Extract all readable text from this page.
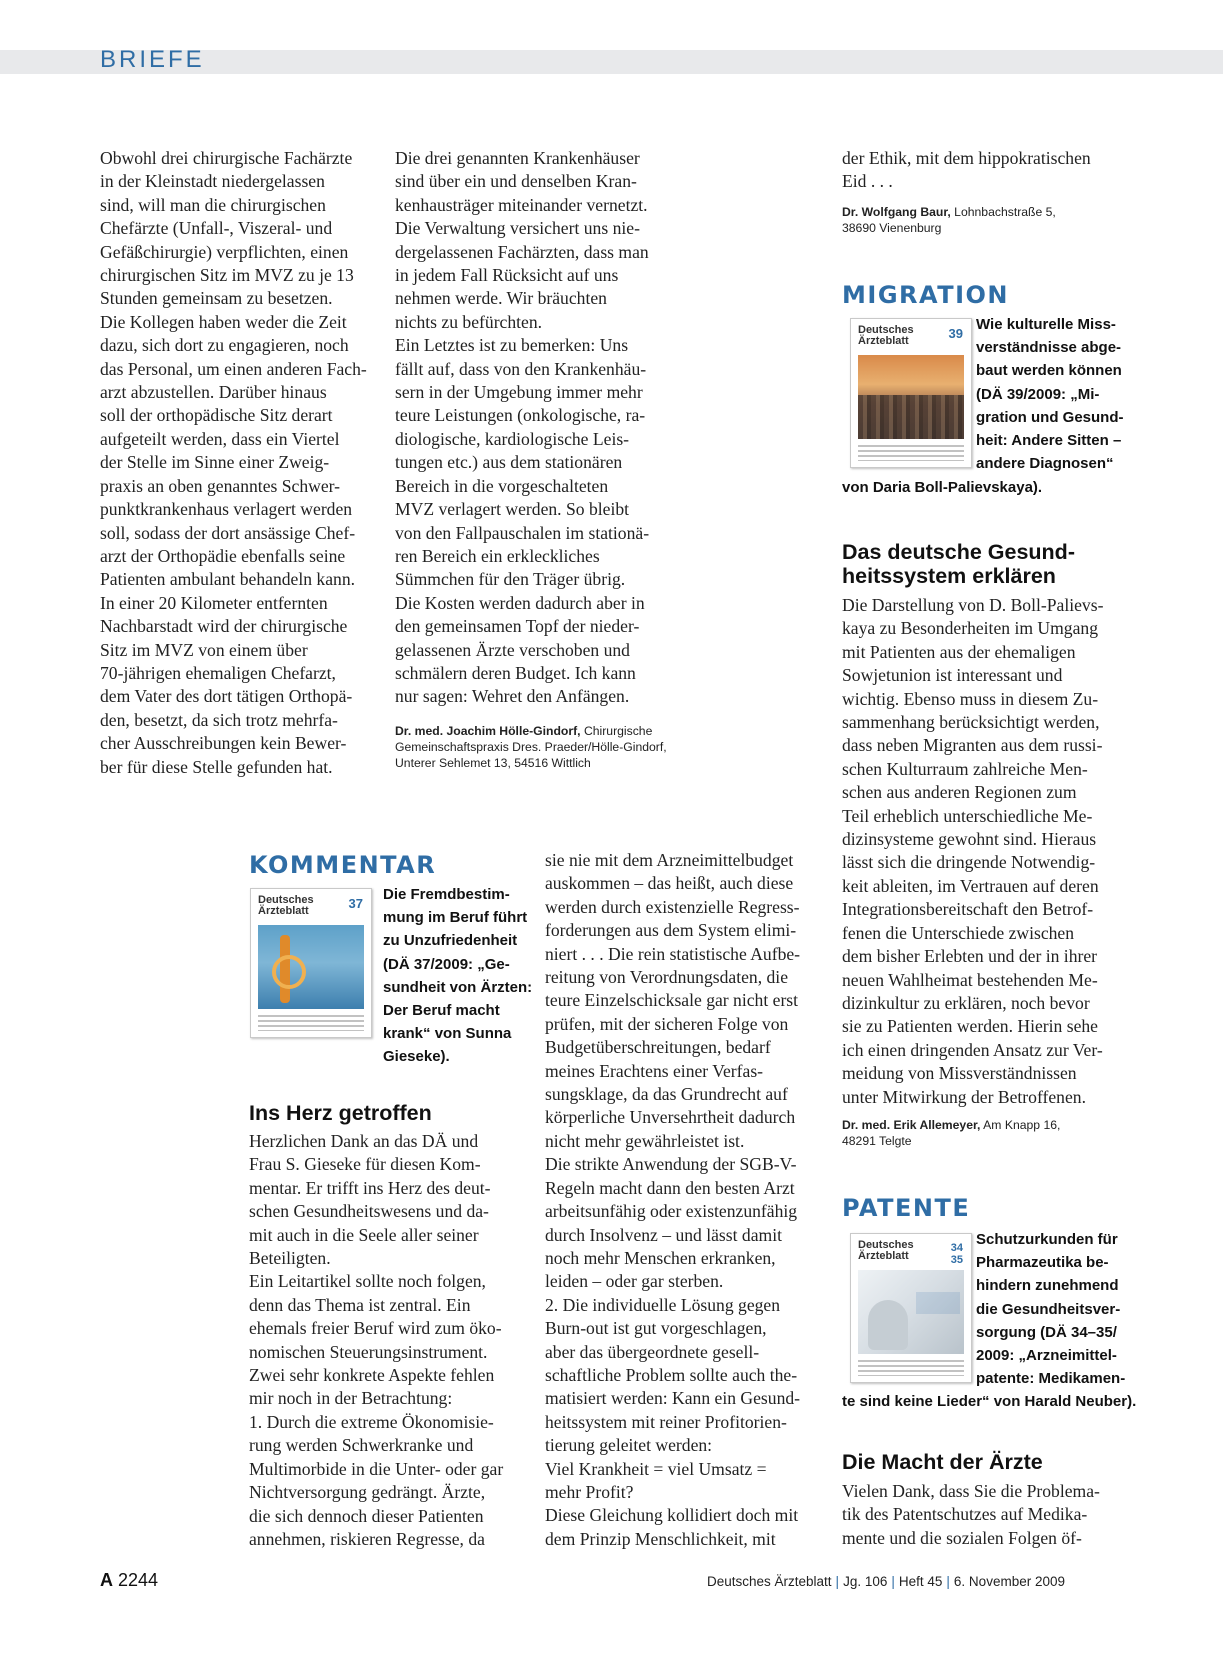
BRIEFE
Obwohl drei chirurgische Fachärzte
in der Kleinstadt niedergelassen
sind, will man die chirurgischen
Chefärzte (Unfall-, Viszeral- und
Gefäßchirurgie) verpflichten, einen
chirurgischen Sitz im MVZ zu je 13
Stunden gemeinsam zu besetzen.
Die Kollegen haben weder die Zeit
dazu, sich dort zu engagieren, noch
das Personal, um einen anderen Fach-
arzt abzustellen. Darüber hinaus
soll der orthopädische Sitz derart
aufgeteilt werden, dass ein Viertel
der Stelle im Sinne einer Zweig-
praxis an oben genanntes Schwer-
punktkrankenhaus verlagert werden
soll, sodass der dort ansässige Chef-
arzt der Orthopädie ebenfalls seine
Patienten ambulant behandeln kann.
In einer 20 Kilometer entfernten
Nachbarstadt wird der chirurgische
Sitz im MVZ von einem über
70-jährigen ehemaligen Chefarzt,
dem Vater des dort tätigen Orthopä-
den, besetzt, da sich trotz mehrfa-
cher Ausschreibungen kein Bewer-
ber für diese Stelle gefunden hat.
Die drei genannten Krankenhäuser
sind über ein und denselben Kran-
kenhausträger miteinander vernetzt.
Die Verwaltung versichert uns nie-
dergelassenen Fachärzten, dass man
in jedem Fall Rücksicht auf uns
nehmen werde. Wir bräuchten
nichts zu befürchten.
Ein Letztes ist zu bemerken: Uns
fällt auf, dass von den Krankenhäu-
sern in der Umgebung immer mehr
teure Leistungen (onkologische, ra-
diologische, kardiologische Leis-
tungen etc.) aus dem stationären
Bereich in die vorgeschalteten
MVZ verlagert werden. So bleibt
von den Fallpauschalen im stationä-
ren Bereich ein erkleckliches
Sümmchen für den Träger übrig.
Die Kosten werden dadurch aber in
den gemeinsamen Topf der nieder-
gelassenen Ärzte verschoben und
schmälern deren Budget. Ich kann
nur sagen: Wehret den Anfängen.
Dr. med. Joachim Hölle-Gindorf, Chirurgische
Gemeinschaftspraxis Dres. Praeder/Hölle-Gindorf,
Unterer Sehlemet 13, 54516 Wittlich
der Ethik, mit dem hippokratischen
Eid . . .
Dr. Wolfgang Baur, Lohnbachstraße 5,
38690 Vienenburg
MIGRATION
Deutsches
Ärzteblatt	39
Wie kulturelle Miss-
verständnisse abge-
baut werden können
(DÄ 39/2009: „Mi-
gration und Gesund-
heit: Andere Sitten –
andere Diagnosen“
von Daria Boll-Palievskaya).
Das deutsche Gesund-
heitssystem erklären
Die Darstellung von D. Boll-Palievs-
kaya zu Besonderheiten im Umgang
mit Patienten aus der ehemaligen
Sowjetunion ist interessant und
wichtig. Ebenso muss in diesem Zu-
sammenhang berücksichtigt werden,
dass neben Migranten aus dem russi-
schen Kulturraum zahlreiche Men-
schen aus anderen Regionen zum
Teil erheblich unterschiedliche Me-
dizinsysteme gewohnt sind. Hieraus
lässt sich die dringende Notwendig-
keit ableiten, im Vertrauen auf deren
Integrationsbereitschaft den Betrof-
fenen die Unterschiede zwischen
dem bisher Erlebten und der in ihrer
neuen Wahlheimat bestehenden Me-
dizinkultur zu erklären, noch bevor
sie zu Patienten werden. Hierin sehe
ich einen dringenden Ansatz zur Ver-
meidung von Missverständnissen
unter Mitwirkung der Betroffenen.
Dr. med. Erik Allemeyer, Am Knapp 16,
48291 Telgte
PATENTE
Deutsches
Ärzteblatt
34
35
Schutzurkunden für
Pharmazeutika be-
hindern zunehmend
die Gesundheitsver-
sorgung (DÄ 34–35/
2009: „Arzneimittel-
patente: Medikamen-
te sind keine Lieder“ von Harald Neuber).
Die Macht der Ärzte
Vielen Dank, dass Sie die Problema-
tik des Patentschutzes auf Medika-
mente und die sozialen Folgen öf-
KOMMENTAR
Deutsches
Ärzteblatt	37
Die Fremdbestim-
mung im Beruf führt
zu Unzufriedenheit
(DÄ 37/2009: „Ge-
sundheit von Ärzten:
Der Beruf macht
krank“ von Sunna
Gieseke).
Ins Herz getroffen
Herzlichen Dank an das DÄ und
Frau S. Gieseke für diesen Kom-
mentar. Er trifft ins Herz des deut-
schen Gesundheitswesens und da-
mit auch in die Seele aller seiner
Beteiligten.
Ein Leitartikel sollte noch folgen,
denn das Thema ist zentral. Ein
ehemals freier Beruf wird zum öko-
nomischen Steuerungsinstrument.
Zwei sehr konkrete Aspekte fehlen
mir noch in der Betrachtung:
1. Durch die extreme Ökonomisie-
rung werden Schwerkranke und
Multimorbide in die Unter- oder gar
Nichtversorgung gedrängt. Ärzte,
die sich dennoch dieser Patienten
annehmen, riskieren Regresse, da
sie nie mit dem Arzneimittelbudget
auskommen – das heißt, auch diese
werden durch existenzielle Regress-
forderungen aus dem System elimi-
niert . . . Die rein statistische Aufbe-
reitung von Verordnungsdaten, die
teure Einzelschicksale gar nicht erst
prüfen, mit der sicheren Folge von
Budgetüberschreitungen, bedarf
meines Erachtens einer Verfas-
sungsklage, da das Grundrecht auf
körperliche Unversehrtheit dadurch
nicht mehr gewährleistet ist.
Die strikte Anwendung der SGB-V-
Regeln macht dann den besten Arzt
arbeitsunfähig oder existenzunfähig
durch Insolvenz – und lässt damit
noch mehr Menschen erkranken,
leiden – oder gar sterben.
2. Die individuelle Lösung gegen
Burn-out ist gut vorgeschlagen,
aber das übergeordnete gesell-
schaftliche Problem sollte auch the-
matisiert werden: Kann ein Gesund-
heitssystem mit reiner Profitorien-
tierung geleitet werden:
Viel Krankheit = viel Umsatz =
mehr Profit?
Diese Gleichung kollidiert doch mit
dem Prinzip Menschlichkeit, mit
A 2244	Deutsches Ärzteblatt | Jg. 106 | Heft 45 | 6. November 2009
